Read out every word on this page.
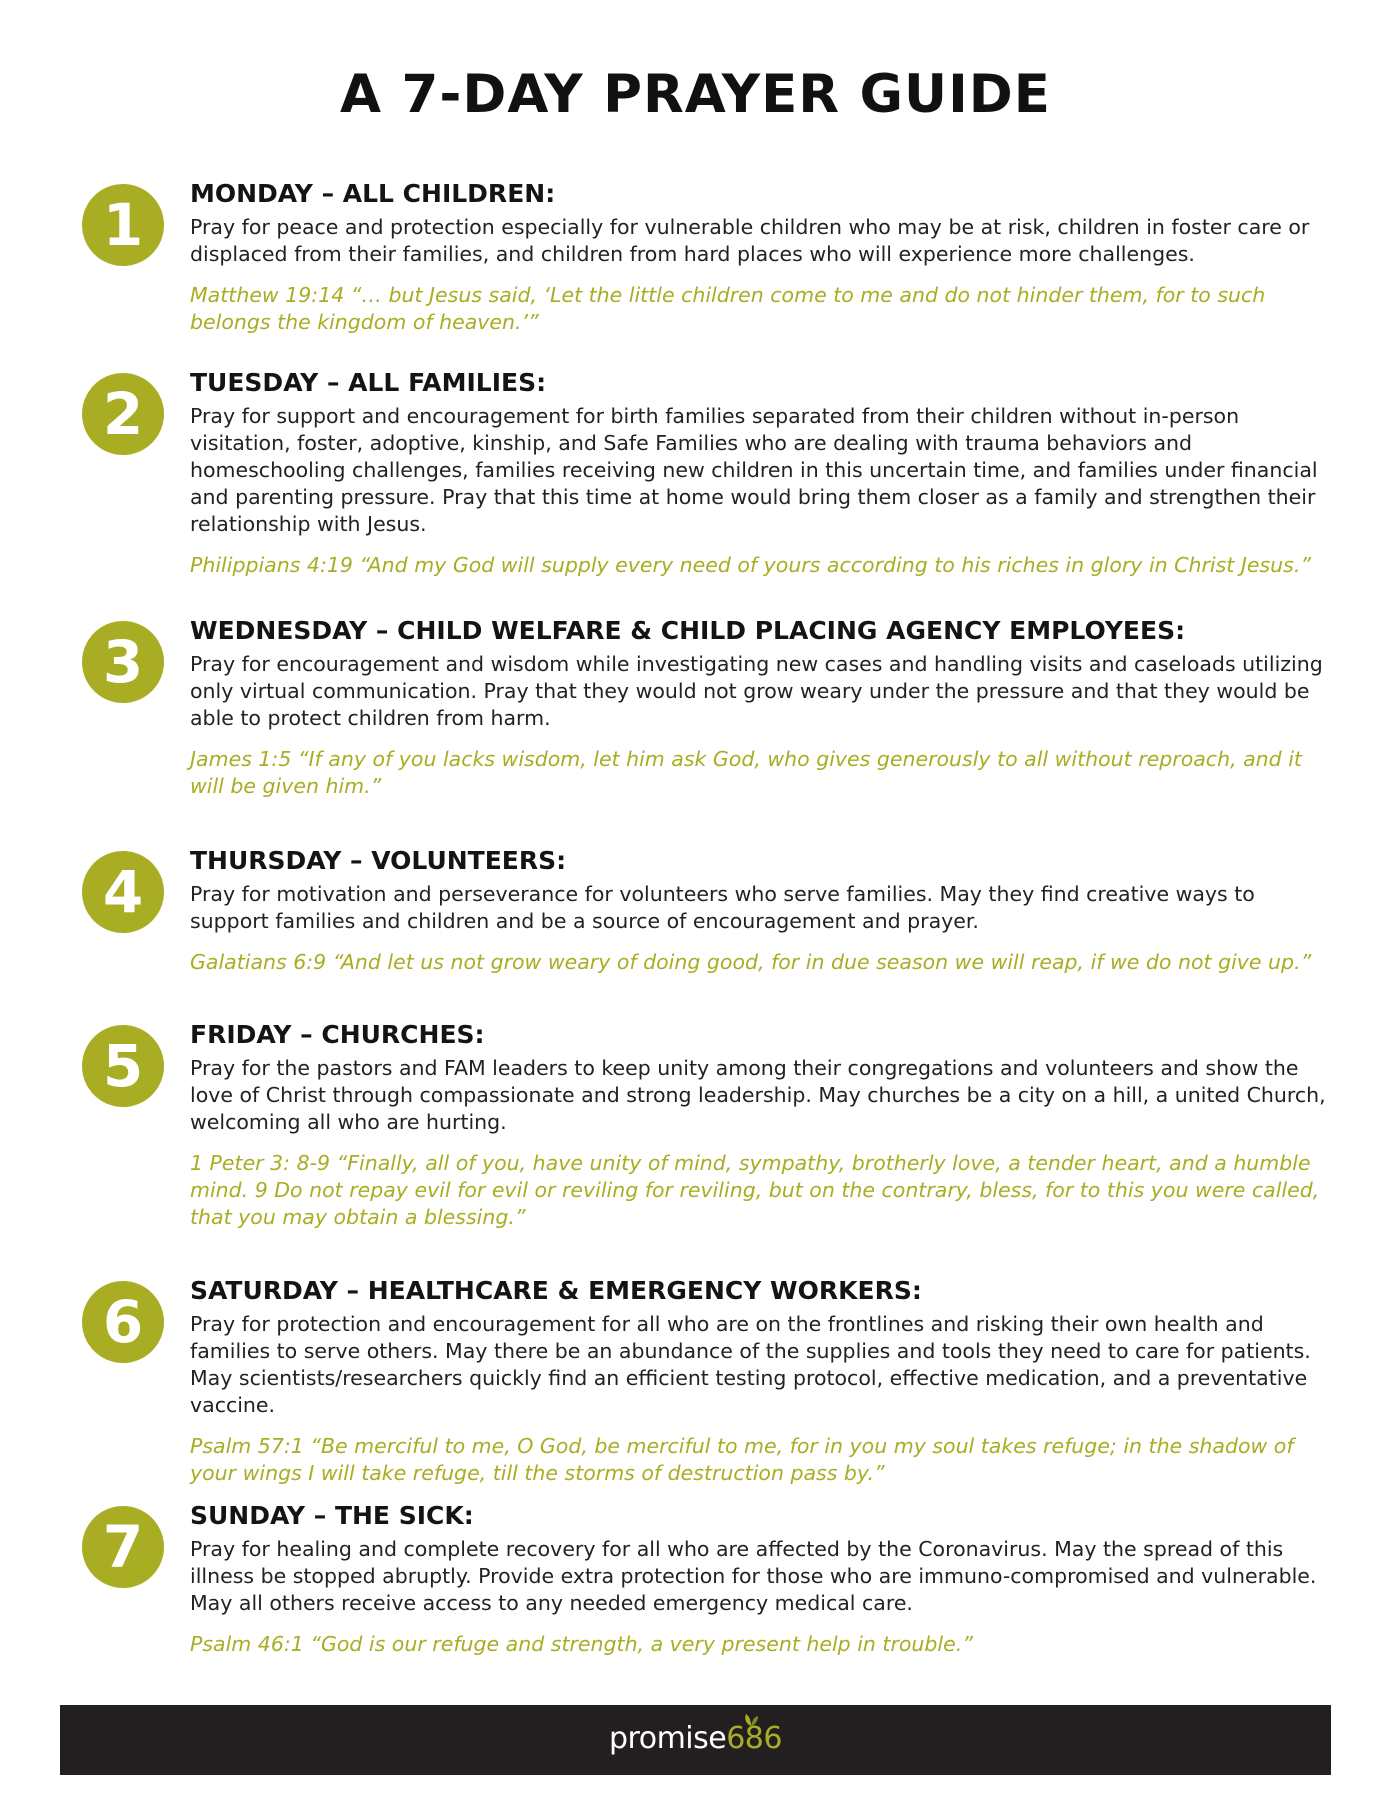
A 7-DAY PRAYER GUIDE
1	MONDAY – ALL CHILDREN:

Pray for peace and protection especially for vulnerable children who may be at risk, children in foster care or displaced from their families, and children from hard places who will experience more challenges.

Matthew 19:14 “… but Jesus said, ‘Let the little children come to me and do not hinder them, for to such belongs the kingdom of heaven.’”

2	TUESDAY – ALL FAMILIES:

Pray for support and encouragement for birth families separated from their children without in-person visitation, foster, adoptive, kinship, and Safe Families who are dealing with trauma behaviors and homeschooling challenges, families receiving new children in this uncertain time, and families under financial and parenting pressure. Pray that this time at home would bring them closer as a family and strengthen their relationship with Jesus.

Philippians 4:19 “And my God will supply every need of yours according to his riches in glory in Christ Jesus.”

3	WEDNESDAY – CHILD WELFARE & CHILD PLACING AGENCY EMPLOYEES:

Pray for encouragement and wisdom while investigating new cases and handling visits and caseloads utilizing only virtual communication. Pray that they would not grow weary under the pressure and that they would be able to protect children from harm.

James 1:5 “If any of you lacks wisdom, let him ask God, who gives generously to all without reproach, and it will be given him.”

4	THURSDAY – VOLUNTEERS:

Pray for motivation and perseverance for volunteers who serve families. May they find creative ways to support families and children and be a source of encouragement and prayer.

Galatians 6:9 “And let us not grow weary of doing good, for in due season we will reap, if we do not give up.”

5	FRIDAY – CHURCHES:

Pray for the pastors and FAM leaders to keep unity among their congregations and volunteers and show the love of Christ through compassionate and strong leadership. May churches be a city on a hill, a united Church, welcoming all who are hurting.

1 Peter 3: 8-9 “Finally, all of you, have unity of mind, sympathy, brotherly love, a tender heart, and a humble mind. 9 Do not repay evil for evil or reviling for reviling, but on the contrary, bless, for to this you were called, that you may obtain a blessing.”

6	SATURDAY – HEALTHCARE & EMERGENCY WORKERS:

Pray for protection and encouragement for all who are on the frontlines and risking their own health and families to serve others. May there be an abundance of the supplies and tools they need to care for patients. May scientists/researchers quickly find an efficient testing protocol, effective medication, and a preventative vaccine.

Psalm 57:1 “Be merciful to me, O God, be merciful to me, for in you my soul takes refuge; in the shadow of your wings I will take refuge, till the storms of destruction pass by.”

7	SUNDAY – THE SICK:

Pray for healing and complete recovery for all who are affected by the Coronavirus. May the spread of this illness be stopped abruptly. Provide extra protection for those who are immuno-compromised and vulnerable. May all others receive access to any needed emergency medical care.

Psalm 46:1 “God is our refuge and strength, a very present help in trouble.”

promise686
